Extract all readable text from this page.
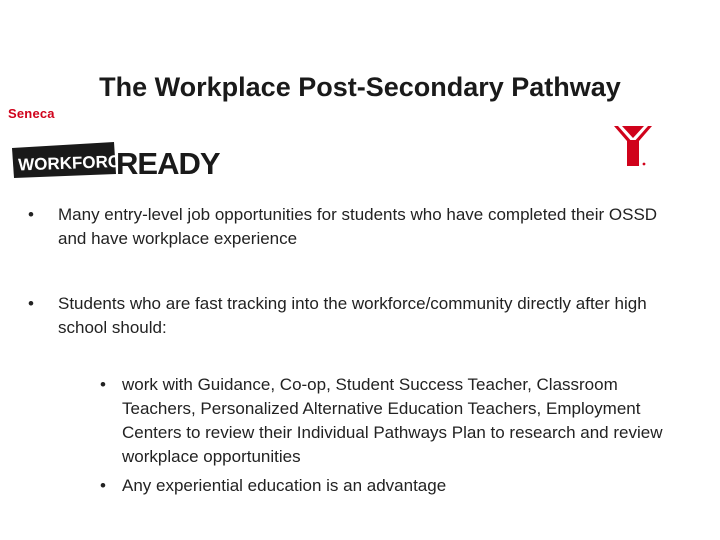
The Workplace Post-Secondary Pathway
Seneca
WORKFORCE
READY
•	Many entry-level job opportunities for students who have completed their OSSD and have workplace experience
•	Students who are fast tracking into the workforce/community directly after high school should:
• work with Guidance, Co-op, Student Success Teacher, Classroom Teachers, Personalized Alternative Education Teachers, Employment Centers to review their Individual Pathways Plan to research and review workplace opportunities
• Any experiential education is an advantage
